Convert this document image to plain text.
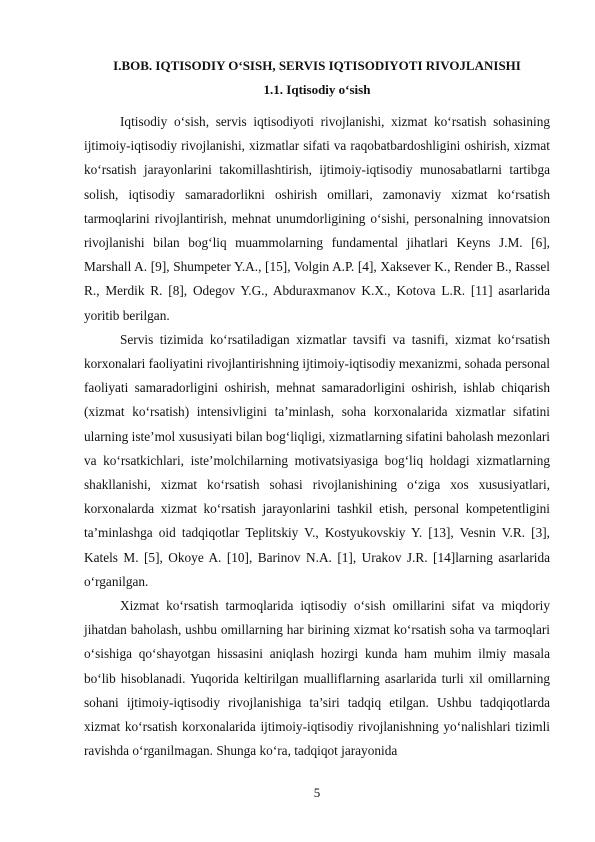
I.BOB. IQTISODIY O‘SISH, SERVIS IQTISODIYOTI RIVOJLANISHI
1.1. Iqtisodiy o‘sish

Iqtisodiy o‘sish, servis iqtisodiyoti rivojlanishi, xizmat ko‘rsatish sohasining ijtimoiy-iqtisodiy rivojlanishi, xizmatlar sifati va raqobatbardoshligini oshirish, xizmat ko‘rsatish jarayonlarini takomillashtirish, ijtimoiy-iqtisodiy munosabatlarni tartibga solish, iqtisodiy samaradorlikni oshirish omillari, zamonaviy xizmat ko‘rsatish tarmoqlarini rivojlantirish, mehnat unumdorligining o‘sishi, personalning innovatsion rivojlanishi bilan bog‘liq muammolarning fundamental jihatlari Keyns J.M. [6], Marshall A. [9], Shumpeter Y.A., [15], Volgin A.P. [4], Xaksever K., Render B., Rassel R., Merdik R. [8], Odegov Y.G., Abduraxmanov K.X., Kotova L.R. [11] asarlarida yoritib berilgan.

Servis tizimida ko‘rsatiladigan xizmatlar tavsifi va tasnifi, xizmat ko‘rsatish korxonalari faoliyatini rivojlantirishning ijtimoiy-iqtisodiy mexanizmi, sohada personal faoliyati samaradorligini oshirish, mehnat samaradorligini oshirish, ishlab chiqarish (xizmat ko‘rsatish) intensivligini ta’minlash, soha korxonalarida xizmatlar sifatini ularning iste’mol xususiyati bilan bog‘liqligi, xizmatlarning sifatini baholash mezonlari va ko‘rsatkichlari, iste’molchilarning motivatsiyasiga bog‘liq holdagi xizmatlarning shakllanishi, xizmat ko‘rsatish sohasi rivojlanishining o‘ziga xos xususiyatlari, korxonalarda xizmat ko‘rsatish jarayonlarini tashkil etish, personal kompetentligini ta’minlashga oid tadqiqotlar Teplitskiy V., Kostyukovskiy Y. [13], Vesnin V.R. [3], Katels M. [5], Okoye A. [10], Barinov N.A. [1], Urakov J.R. [14]larning asarlarida o‘rganilgan.

Xizmat ko‘rsatish tarmoqlarida iqtisodiy o‘sish omillarini sifat va miqdoriy jihatdan baholash, ushbu omillarning har birining xizmat ko‘rsatish soha va tarmoqlari o‘sishiga qo‘shayotgan hissasini aniqlash hozirgi kunda ham muhim ilmiy masala bo‘lib hisoblanadi. Yuqorida keltirilgan mualliflarning asarlarida turli xil omillarning sohani ijtimoiy-iqtisodiy rivojlanishiga ta’siri tadqiq etilgan. Ushbu tadqiqotlarda xizmat ko‘rsatish korxonalarida ijtimoiy-iqtisodiy rivojlanishning yo‘nalishlari tizimli ravishda o‘rganilmagan. Shunga ko‘ra, tadqiqot jarayonida

5
